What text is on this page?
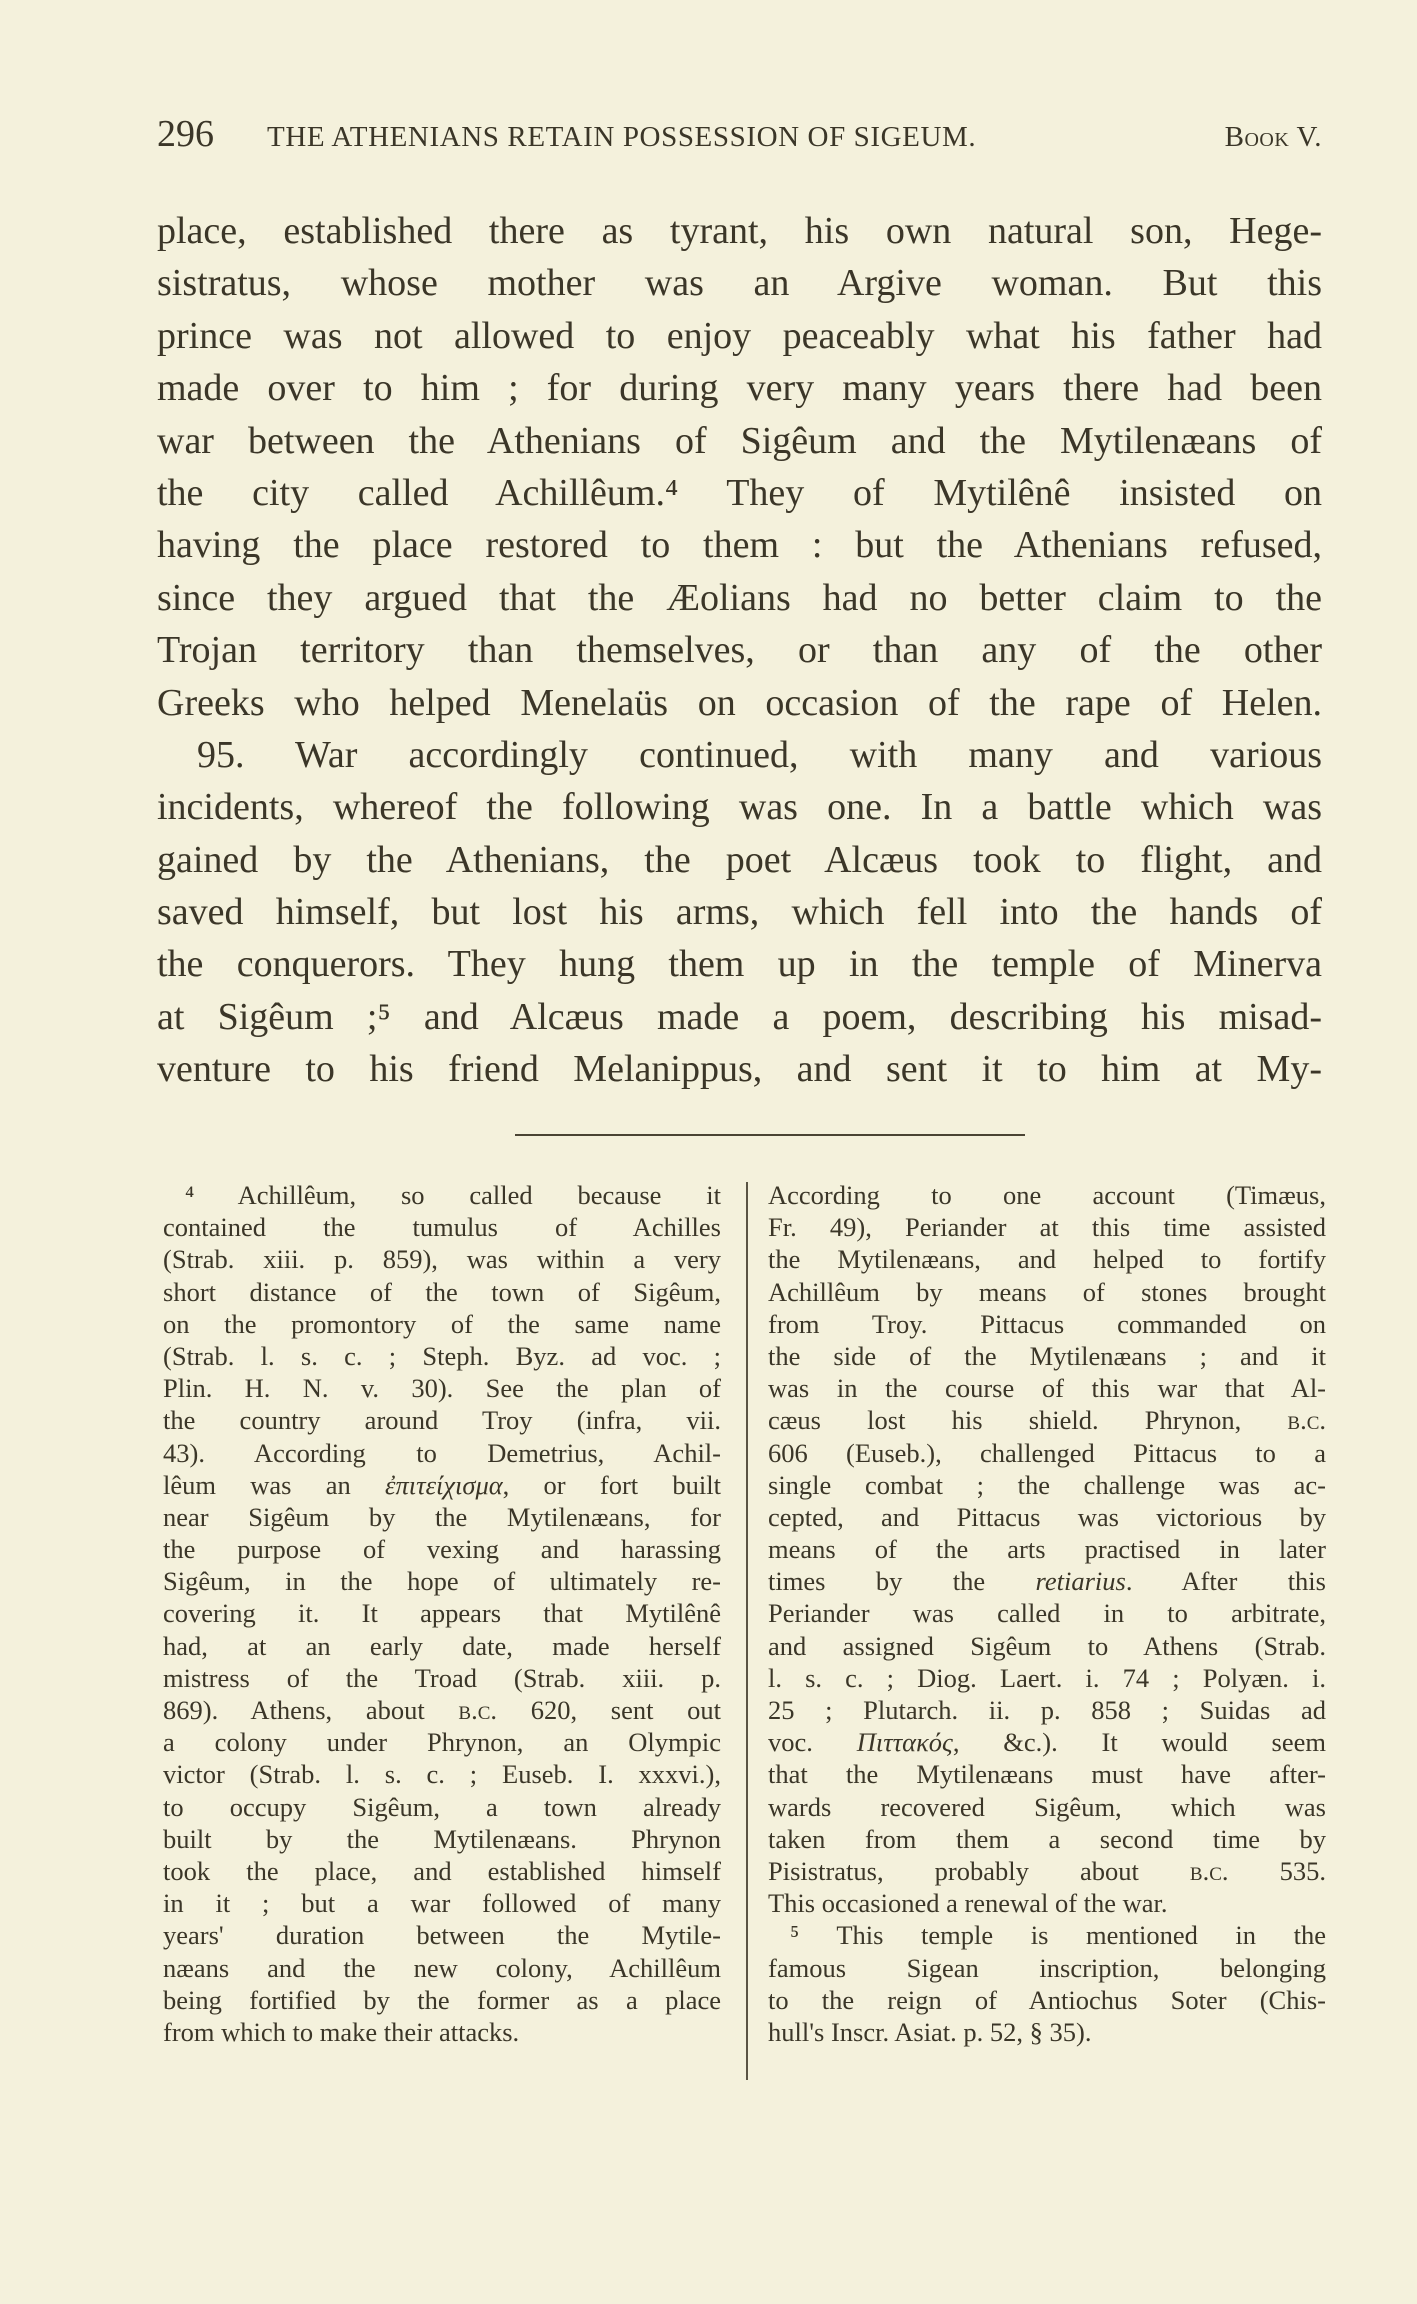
296	THE ATHENIANS RETAIN POSSESSION OF SIGEUM.	Book V.
place, established there as tyrant, his own natural son, Hege-
sistratus, whose mother was an Argive woman. But this
prince was not allowed to enjoy peaceably what his father had
made over to him ; for during very many years there had been
war between the Athenians of Sigêum and the Mytilenæans of
the city called Achillêum.⁴ They of Mytilênê insisted on
having the place restored to them : but the Athenians refused,
since they argued that the Æolians had no better claim to the
Trojan territory than themselves, or than any of the other
Greeks who helped Menelaüs on occasion of the rape of Helen.
95. War accordingly continued, with many and various
incidents, whereof the following was one. In a battle which was
gained by the Athenians, the poet Alcæus took to flight, and
saved himself, but lost his arms, which fell into the hands of
the conquerors. They hung them up in the temple of Minerva
at Sigêum ;⁵ and Alcæus made a poem, describing his misad-
venture to his friend Melanippus, and sent it to him at My-
⁴ Achillêum, so called because it
contained the tumulus of Achilles
(Strab. xiii. p. 859), was within a very
short distance of the town of Sigêum,
on the promontory of the same name
(Strab. l. s. c. ; Steph. Byz. ad voc. ;
Plin. H. N. v. 30). See the plan of
the country around Troy (infra, vii.
43). According to Demetrius, Achil-
lêum was an ἐπιτείχισμα, or fort built
near Sigêum by the Mytilenæans, for
the purpose of vexing and harassing
Sigêum, in the hope of ultimately re-
covering it. It appears that Mytilênê
had, at an early date, made herself
mistress of the Troad (Strab. xiii. p.
869). Athens, about b.c. 620, sent out
a colony under Phrynon, an Olympic
victor (Strab. l. s. c. ; Euseb. I. xxxvi.),
to occupy Sigêum, a town already
built by the Mytilenæans. Phrynon
took the place, and established himself
in it ; but a war followed of many
years' duration between the Mytile-
næans and the new colony, Achillêum
being fortified by the former as a place
from which to make their attacks.
According to one account (Timæus,
Fr. 49), Periander at this time assisted
the Mytilenæans, and helped to fortify
Achillêum by means of stones brought
from Troy. Pittacus commanded on
the side of the Mytilenæans ; and it
was in the course of this war that Al-
cæus lost his shield. Phrynon, b.c.
606 (Euseb.), challenged Pittacus to a
single combat ; the challenge was ac-
cepted, and Pittacus was victorious by
means of the arts practised in later
times by the retiarius. After this
Periander was called in to arbitrate,
and assigned Sigêum to Athens (Strab.
l. s. c. ; Diog. Laert. i. 74 ; Polyæn. i.
25 ; Plutarch. ii. p. 858 ; Suidas ad
voc. Πιττακός, &c.). It would seem
that the Mytilenæans must have after-
wards recovered Sigêum, which was
taken from them a second time by
Pisistratus, probably about b.c. 535.
This occasioned a renewal of the war.
⁵ This temple is mentioned in the
famous Sigean inscription, belonging
to the reign of Antiochus Soter (Chis-
hull's Inscr. Asiat. p. 52, § 35).
